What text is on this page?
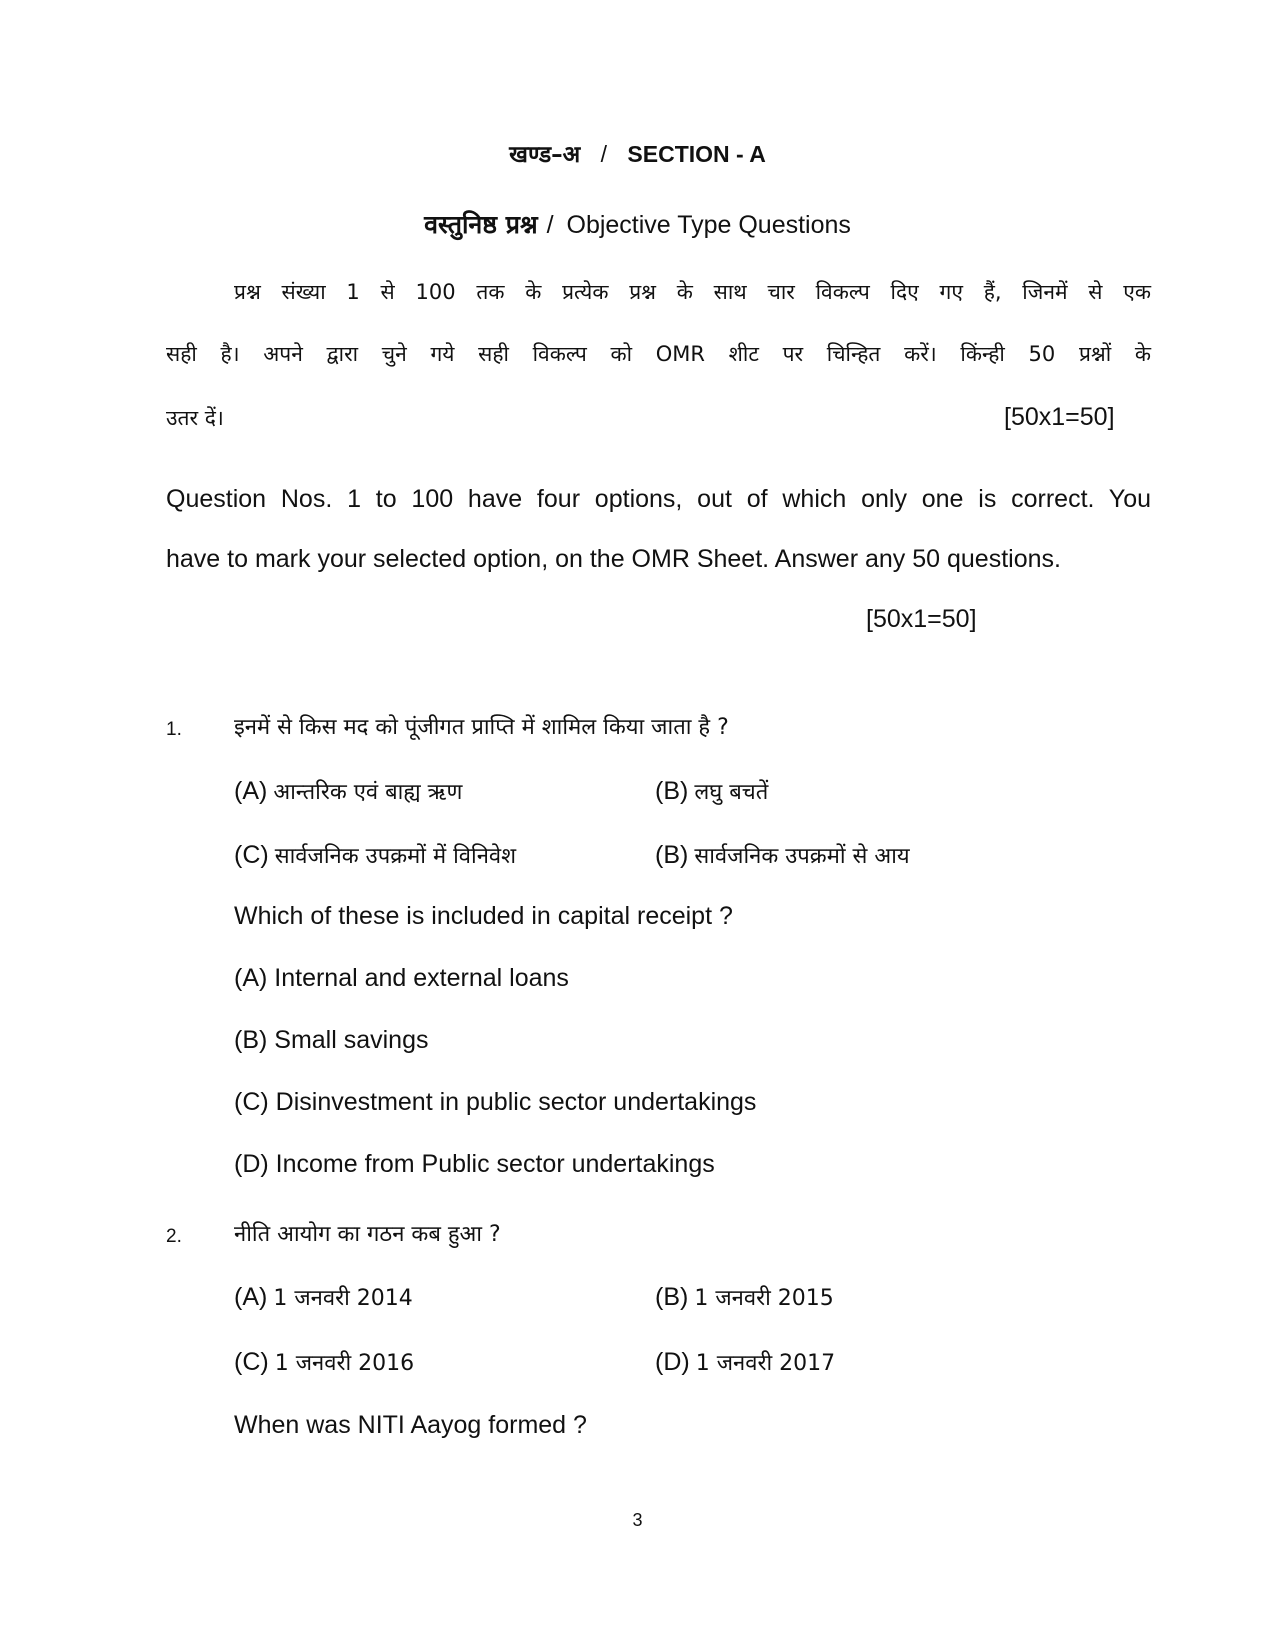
खण्ड–अ / SECTION - A
वस्तुनिष्ठ प्रश्न / Objective Type Questions
प्रश्न संख्या 1 से 100 तक के प्रत्येक प्रश्न के साथ चार विकल्प दिए गए हैं, जिनमें से एक
सही है। अपने द्वारा चुने गये सही विकल्प को OMR शीट पर चिन्हित करें। किंन्ही 50 प्रश्नों के
उतर दें।	[50x1=50]
Question Nos. 1 to 100 have four options, out of which only one is correct. You
have to mark your selected option, on the OMR Sheet. Answer any 50 questions.
[50x1=50]
1. इनमें से किस मद को पूंजीगत प्राप्ति में शामिल किया जाता है ?
(A) आन्तरिक एवं बाह्य ऋण	(B) लघु बचतें
(C) सार्वजनिक उपक्रमों में विनिवेश	(B) सार्वजनिक उपक्रमों से आय
Which of these is included in capital receipt ?
(A) Internal and external loans
(B) Small savings
(C) Disinvestment in public sector undertakings
(D) Income from Public sector undertakings
2. नीति आयोग का गठन कब हुआ ?
(A) 1 जनवरी 2014	(B) 1 जनवरी 2015
(C) 1 जनवरी 2016	(D) 1 जनवरी 2017
When was NITI Aayog formed ?
3
